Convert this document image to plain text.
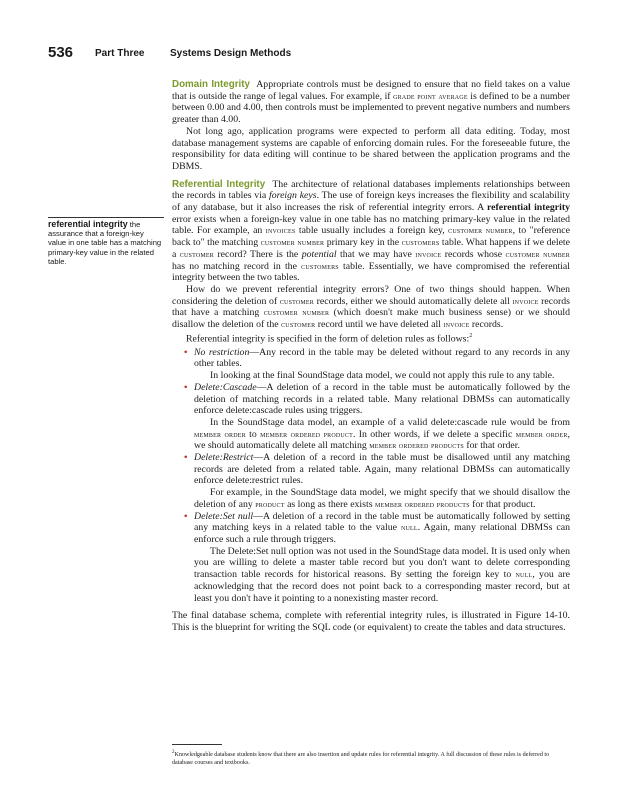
536 Part Three	Systems Design Methods
referential integrity the assurance that a foreign-key value in one table has a matching primary-key value in the related table.

Domain Integrity Appropriate controls must be designed to ensure that no field takes on a value that is outside the range of legal values. For example, if grade point average is defined to be a number between 0.00 and 4.00, then controls must be implemented to prevent negative numbers and numbers greater than 4.00.

Not long ago, application programs were expected to perform all data editing. Today, most database management systems are capable of enforcing domain rules. For the foreseeable future, the responsibility for data editing will continue to be shared between the application programs and the DBMS.

Referential Integrity The architecture of relational databases implements relationships between the records in tables via foreign keys. The use of foreign keys increases the flexibility and scalability of any database, but it also increases the risk of referential integrity errors. A referential integrity error exists when a foreign-key value in one table has no matching primary-key value in the related table. For example, an invoices table usually includes a foreign key, customer number, to "reference back to" the matching customer number primary key in the customers table. What happens if we delete a customer record? There is the potential that we may have invoice records whose customer number has no matching record in the customers table. Essentially, we have compromised the referential integrity between the two tables.

How do we prevent referential integrity errors? One of two things should happen. When considering the deletion of customer records, either we should automatically delete all invoice records that have a matching customer number (which doesn't make much business sense) or we should disallow the deletion of the customer record until we have deleted all invoice records.

Referential integrity is specified in the form of deletion rules as follows:$^2$

• No restriction—Any record in the table may be deleted without regard to any records in any other tables.
In looking at the final SoundStage data model, we could not apply this rule to any table.
• Delete:Cascade—A deletion of a record in the table must be automatically followed by the deletion of matching records in a related table. Many relational DBMSs can automatically enforce delete:cascade rules using triggers.
In the SoundStage data model, an example of a valid delete:cascade rule would be from member order to member ordered product. In other words, if we delete a specific member order, we should automatically delete all matching member ordered products for that order.
• Delete:Restrict—A deletion of a record in the table must be disallowed until any matching records are deleted from a related table. Again, many relational DBMSs can automatically enforce delete:restrict rules.
For example, in the SoundStage data model, we might specify that we should disallow the deletion of any product as long as there exists member ordered products for that product.
• Delete:Set null—A deletion of a record in the table must be automatically followed by setting any matching keys in a related table to the value null. Again, many relational DBMSs can enforce such a rule through triggers.
The Delete:Set null option was not used in the SoundStage data model. It is used only when you are willing to delete a master table record but you don't want to delete corresponding transaction table records for historical reasons. By setting the foreign key to null, you are acknowledging that the record does not point back to a corresponding master record, but at least you don't have it pointing to a nonexisting master record.

The final database schema, complete with referential integrity rules, is illustrated in Figure 14-10. This is the blueprint for writing the SQL code (or equivalent) to create the tables and data structures.

$^2$Knowledgeable database students know that there are also insertion and update rules for referential integrity. A full discussion of these rules is deferred to database courses and textbooks.
